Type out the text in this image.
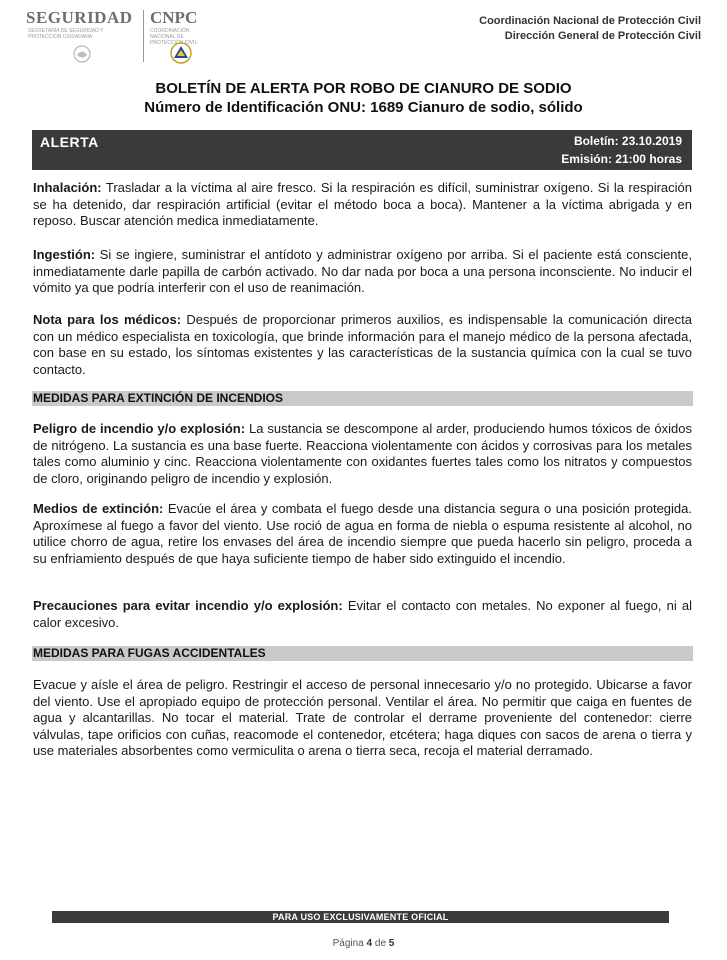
SEGURIDAD
SECRETARÍA DE SEGURIDAD Y PROTECCIÓN CIUDADANA
CNPC
COORDINACIÓN NACIONAL DE PROTECCIÓN CIVIL
Coordinación Nacional de Protección Civil
Dirección General de Protección Civil
BOLETÍN DE ALERTA POR ROBO DE CIANURO DE SODIO
Número de Identificación ONU: 1689 Cianuro de sodio, sólido
ALERTA	Boletín: 23.10.2019
Emisión: 21:00 horas
Inhalación: Trasladar a la víctima al aire fresco. Si la respiración es difícil, suministrar oxígeno. Si la respiración se ha detenido, dar respiración artificial (evitar el método boca a boca). Mantener a la víctima abrigada y en reposo. Buscar atención medica inmediatamente.
Ingestión: Si se ingiere, suministrar el antídoto y administrar oxígeno por arriba. Si el paciente está consciente, inmediatamente darle papilla de carbón activado. No dar nada por boca a una persona inconsciente. No inducir el vómito ya que podría interferir con el uso de reanimación.
Nota para los médicos: Después de proporcionar primeros auxilios, es indispensable la comunicación directa con un médico especialista en toxicología, que brinde información para el manejo médico de la persona afectada, con base en su estado, los síntomas existentes y las características de la sustancia química con la cual se tuvo contacto.
MEDIDAS PARA EXTINCIÓN DE INCENDIOS
Peligro de incendio y/o explosión: La sustancia se descompone al arder, produciendo humos tóxicos de óxidos de nitrógeno. La sustancia es una base fuerte. Reacciona violentamente con ácidos y corrosivas para los metales tales como aluminio y cinc. Reacciona violentamente con oxidantes fuertes tales como los nitratos y compuestos de cloro, originando peligro de incendio y explosión.
Medios de extinción: Evacúe el área y combata el fuego desde una distancia segura o una posición protegida. Aproxímese al fuego a favor del viento. Use roció de agua en forma de niebla o espuma resistente al alcohol, no utilice chorro de agua, retire los envases del área de incendio siempre que pueda hacerlo sin peligro, proceda a su enfriamiento después de que haya suficiente tiempo de haber sido extinguido el incendio.
Precauciones para evitar incendio y/o explosión: Evitar el contacto con metales. No exponer al fuego, ni al calor excesivo.
MEDIDAS PARA FUGAS ACCIDENTALES
Evacue y aísle el área de peligro. Restringir el acceso de personal innecesario y/o no protegido. Ubicarse a favor del viento. Use el apropiado equipo de protección personal. Ventilar el área. No permitir que caiga en fuentes de agua y alcantarillas. No tocar el material. Trate de controlar el derrame proveniente del contenedor: cierre válvulas, tape orificios con cuñas, reacomode el contenedor, etcétera; haga diques con sacos de arena o tierra y use materiales absorbentes como vermiculita o arena o tierra seca, recoja el material derramado.
PARA USO EXCLUSIVAMENTE OFICIAL
Página 4 de 5
